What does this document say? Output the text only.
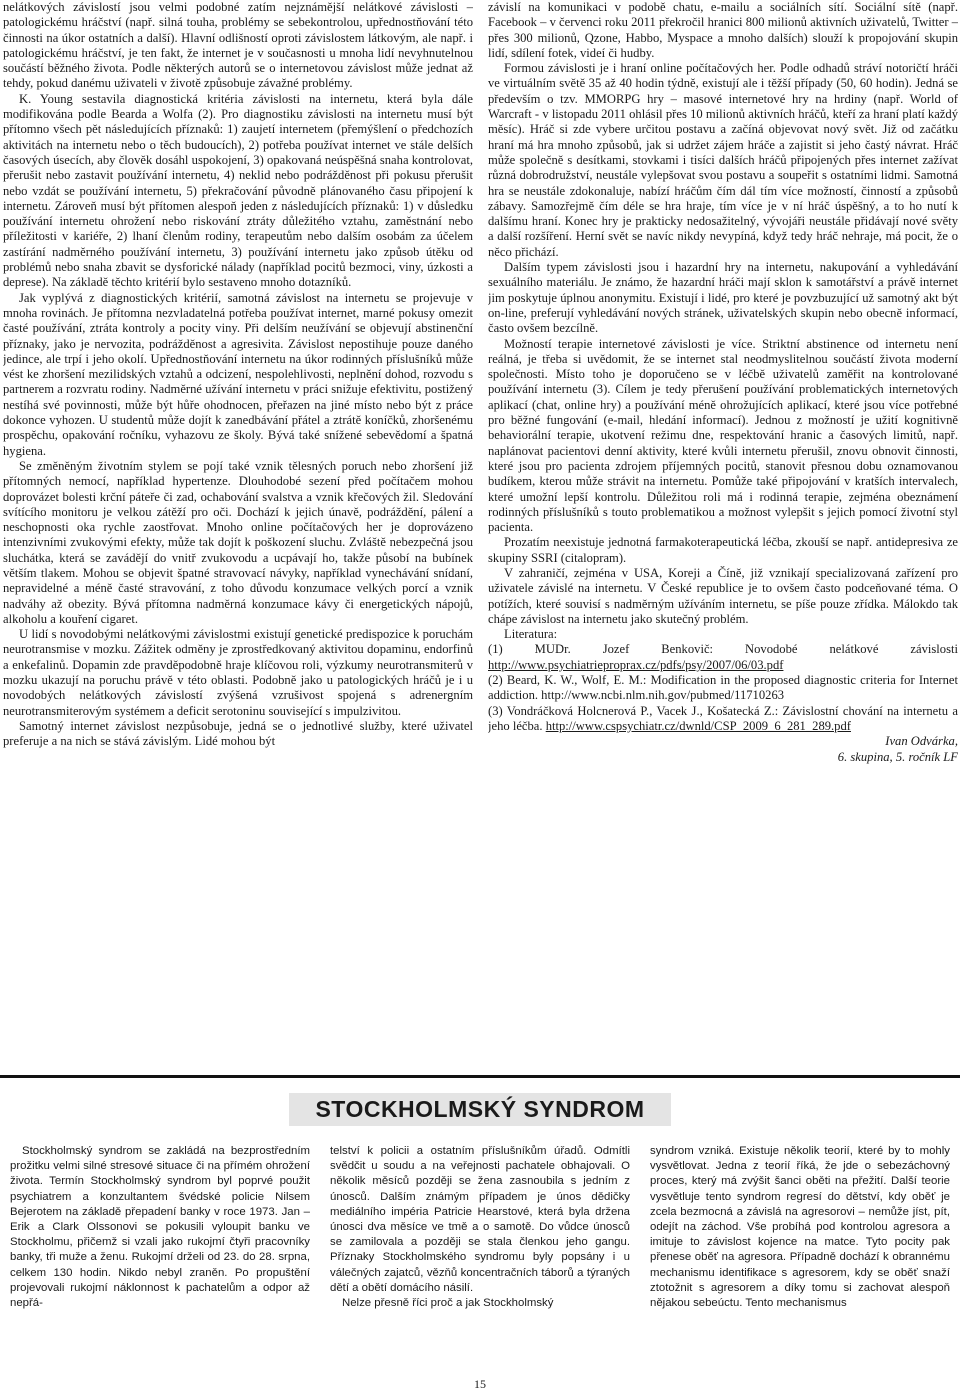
nelátkových závislostí jsou velmi podobné zatím nejznámější nelátkové závislosti – patologickému hráčství (např. silná touha, problémy se sebekontrolou, upřednostňování této činnosti na úkor ostatních a další). Hlavní odlišností oproti závislostem látkovým, ale např. i patologickému hráčství, je ten fakt, že internet je v současnosti u mnoha lidí nevyhnutelnou součástí běžného života. Podle některých autorů se o internetovou závislost může jednat až tehdy, pokud danému uživateli v životě způsobuje závažné problémy.

K. Young sestavila diagnostická kritéria závislosti na internetu, která byla dále modifikována podle Bearda a Wolfa (2). Pro diagnostiku závislosti na internetu musí být přítomno všech pět následujících příznaků: 1) zaujetí internetem (přemýšlení o předchozích aktivitách na internetu nebo o těch budoucích), 2) potřeba používat internet ve stále delších časových úsecích, aby člověk dosáhl uspokojení, 3) opakovaná neúspěšná snaha kontrolovat, přerušit nebo zastavit používání internetu, 4) neklid nebo podrážděnost při pokusu přerušit nebo vzdát se používání internetu, 5) překračování původně plánovaného času připojení k internetu. Zároveň musí být přítomen alespoň jeden z následujících příznaků: 1) v důsledku používání internetu ohrožení nebo riskování ztráty důležitého vztahu, zaměstnání nebo příležitosti v kariéře, 2) lhaní členům rodiny, terapeutům nebo dalším osobám za účelem zastírání nadměrného používání internetu, 3) používání internetu jako způsob útěku od problémů nebo snaha zbavit se dysforické nálady (například pocitů bezmoci, viny, úzkosti a deprese). Na základě těchto kritérií bylo sestaveno mnoho dotazníků.

Jak vyplývá z diagnostických kritérií, samotná závislost na internetu se projevuje v mnoha rovinách. Je přítomna nezvladatelná potřeba používat internet, marné pokusy omezit časté používání, ztráta kontroly a pocity viny. Při delším neužívání se objevují abstinenční příznaky, jako je nervozita, podrážděnost a agresivita. Závislost nepostihuje pouze daného jedince, ale trpí i jeho okolí. Upřednostňování internetu na úkor rodinných příslušníků může vést ke zhoršení mezilidských vztahů a odcizení, nespolehlivosti, neplnění dohod, rozvodu s partnerem a rozvratu rodiny. Nadměrné užívání internetu v práci snižuje efektivitu, postižený nestíhá své povinnosti, může být hůře ohodnocen, přeřazen na jiné místo nebo být z práce dokonce vyhozen. U studentů může dojít k zanedbávání přátel a ztrátě koníčků, zhoršenému prospěchu, opakování ročníku, vyhazovu ze školy. Bývá také snížené sebevědomí a špatná hygiena.

Se změněným životním stylem se pojí také vznik tělesných poruch nebo zhoršení již přítomných nemocí, například hypertenze. Dlouhodobé sezení před počítačem mohou doprovázet bolesti krční páteře či zad, ochabování svalstva a vznik křečových žil. Sledování svítícího monitoru je velkou zátěží pro oči. Dochází k jejich únavě, podráždění, pálení a neschopnosti oka rychle zaostřovat. Mnoho online počítačových her je doprovázeno intenzivními zvukovými efekty, může tak dojít k poškození sluchu. Zvláště nebezpečná jsou sluchátka, která se zavádějí do vnitř zvukovodu a ucpávají ho, takže působí na bubínek větším tlakem. Mohou se objevit špatné stravovací návyky, například vynechávání snídaní, nepravidelné a méně časté stravování, z toho důvodu konzumace velkých porcí a vznik nadváhy až obezity. Bývá přítomna nadměrná konzumace kávy či energetických nápojů, alkoholu a kouření cigaret.

U lidí s novodobými nelátkovými závislostmi existují genetické predispozice k poruchám neurotransmise v mozku. Zážitek odměny je zprostředkovaný aktivitou dopaminu, endorfinů a enkefalinů. Dopamin zde pravděpodobně hraje klíčovou roli, výzkumy neurotransmiterů v mozku ukazují na poruchu právě v této oblasti. Podobně jako u patologických hráčů je i u novodobých nelátkových závislostí zvýšená vzrušivost spojená s adrenergním neurotransmiterovým systémem a deficit serotoninu související s impulzivitou.

Samotný internet závislost nezpůsobuje, jedná se o jednotlivé služby, které uživatel preferuje a na nich se stává závislým. Lidé mohou být

závislí na komunikaci v podobě chatu, e-mailu a sociálních sítí. Sociální sítě (např. Facebook – v červenci roku 2011 překročil hranici 800 milionů aktivních uživatelů, Twitter – přes 300 milionů, Qzone, Habbo, Myspace a mnoho dalších) slouží k propojování skupin lidí, sdílení fotek, videí či hudby.

Formou závislosti je i hraní online počítačových her. Podle odhadů stráví notoričtí hráči ve virtuálním světě 35 až 40 hodin týdně, existují ale i těžší případy (50, 60 hodin). Jedná se především o tzv. MMORPG hry – masové internetové hry na hrdiny (např. World of Warcraft - v listopadu 2011 ohlásil přes 10 milionů aktivních hráčů, kteří za hraní platí každý měsíc). Hráč si zde vybere určitou postavu a začíná objevovat nový svět. Již od začátku hraní má hra mnoho způsobů, jak si udržet zájem hráče a zajistit si jeho častý návrat. Hráč může společně s desítkami, stovkami i tisíci dalších hráčů připojených přes internet zažívat různá dobrodružství, neustále vylepšovat svou postavu a soupeřit s ostatními lidmi. Samotná hra se neustále zdokonaluje, nabízí hráčům čím dál tím více možností, činností a způsobů zábavy. Samozřejmě čím déle se hra hraje, tím více je v ní hráč úspěšný, a to ho nutí k dalšímu hraní. Konec hry je prakticky nedosažitelný, vývojáři neustále přidávají nové světy a další rozšíření. Herní svět se navíc nikdy nevypíná, když tedy hráč nehraje, má pocit, že o něco přichází.

Dalším typem závislosti jsou i hazardní hry na internetu, nakupování a vyhledávání sexuálního materiálu. Je známo, že hazardní hráči mají sklon k samotářství a právě internet jim poskytuje úplnou anonymitu. Existují i lidé, pro které je povzbuzující už samotný akt být on-line, preferují vyhledávání nových stránek, uživatelských skupin nebo obecně informací, často ovšem bezcílně.

Možností terapie internetové závislosti je více. Striktní abstinence od internetu není reálná, je třeba si uvědomit, že se internet stal neodmyslitelnou součástí života moderní společnosti. Místo toho je doporučeno se v léčbě uživatelů zaměřit na kontrolované používání internetu (3). Cílem je tedy přerušení používání problematických internetových aplikací (chat, online hry) a používání méně ohrožujících aplikací, které jsou více potřebné pro běžné fungování (e-mail, hledání informací). Jednou z možností je užití kognitivně behaviorální terapie, ukotvení režimu dne, respektování hranic a časových limitů, např. naplánovat pacientovi denní aktivity, které kvůli internetu přerušil, znovu obnovit činnosti, které jsou pro pacienta zdrojem příjemných pocitů, stanovit přesnou dobu oznamovanou budíkem, kterou může strávit na internetu. Pomůže také připojování v kratších intervalech, které umožní lepší kontrolu. Důležitou roli má i rodinná terapie, zejména obeznámení rodinných příslušníků s touto problematikou a možnost vylepšit s jejich pomocí životní styl pacienta.

Prozatím neexistuje jednotná farmakoterapeutická léčba, zkouší se např. antidepresiva ze skupiny SSRI (citalopram).

V zahraničí, zejména v USA, Koreji a Číně, již vznikají specializovaná zařízení pro uživatele závislé na internetu. V České republice je to ovšem často podceňované téma. O potížích, které souvisí s nadměrným užíváním internetu, se píše pouze zřídka. Málokdo tak chápe závislost na internetu jako skutečný problém.

Literatura:

(1) MUDr. Jozef Benkovič: Novodobé nelátkové závislosti http://www.psychiatrieproprax.cz/pdfs/psy/2007/06/03.pdf

(2) Beard, K. W., Wolf, E. M.: Modification in the proposed diagnostic criteria for Internet addiction. http://www.ncbi.nlm.nih.gov/pubmed/11710263

(3) Vondráčková Holcnerová P., Vacek J., Košatecká Z.: Závislostní chování na internetu a jeho léčba. http://www.cspsychiatr.cz/dwnld/CSP_2009_6_281_289.pdf

Ivan Odvárka,

6. skupina, 5. ročník LF

STOCKHOLMSKÝ SYNDROM

Stockholmský syndrom se zakládá na bezprostředním prožitku velmi silné stresové situace či na přímém ohrožení života. Termín Stockholmský syndrom byl poprvé použit psychiatrem a konzultantem švédské policie Nilsem Bejerotem na základě přepadení banky v roce 1973. Jan – Erik a Clark Olssonovi se pokusili vyloupit banku ve Stockholmu, přičemž si vzali jako rukojmí čtyři pracovníky banky, tři muže a ženu. Rukojmí drželi od 23. do 28. srpna, celkem 130 hodin. Nikdo nebyl zraněn. Po propuštění projevovali rukojmí náklonnost k pachatelům a odpor až nepřá-

telství k policii a ostatním příslušníkům úřadů. Odmítli svědčit u soudu a na veřejnosti pachatele obhajovali. O několik měsíců později se žena zasnoubila s jedním z únosců. Dalším známým případem je únos dědičky mediálního impéria Patricie Hearstové, která byla držena únosci dva měsíce ve tmě a o samotě. Do vůdce únosců se zamilovala a později se stala členkou jeho gangu. Příznaky Stockholmského syndromu byly popsány i u válečných zajatců, vězňů koncentračních táborů a týraných dětí a obětí domácího násilí.

Nelze přesně říci proč a jak Stockholmský

syndrom vzniká. Existuje několik teorií, které by to mohly vysvětlovat. Jedna z teorií říká, že jde o sebezáchovný proces, který má zvýšit šanci oběti na přežití. Další teorie vysvětluje tento syndrom regresí do dětství, kdy oběť je zcela bezmocná a závislá na agresorovi – nemůže jíst, pít, odejít na záchod. Vše probíhá pod kontrolou agresora a imituje to závislost kojence na matce. Tyto pocity pak přenese oběť na agresora. Případně dochází k obrannému mechanismu identifikace s agresorem, kdy se oběť snaží ztotožnit s agresorem a díky tomu si zachovat alespoň nějakou sebeúctu. Tento mechanismus

15
